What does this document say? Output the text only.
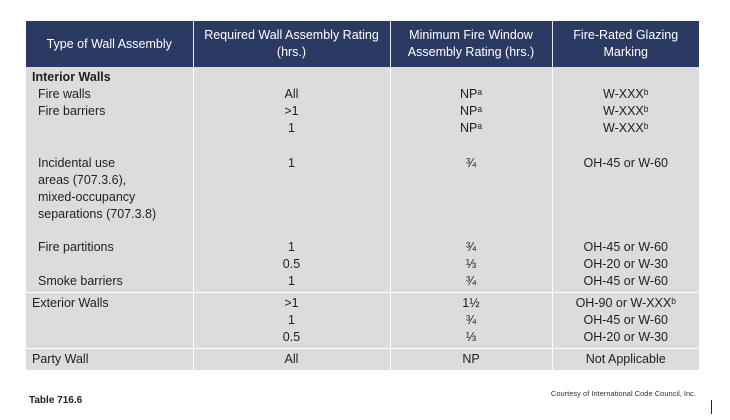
Type of Wall Assembly	Required Wall Assembly Rating (hrs.)	Minimum Fire Window Assembly Rating (hrs.)	Fire-Rated Glazing Marking

Interior Walls			

Fire walls	All	NPᵃ	W-XXXᵇ

Fire barriers	>1	NPᵃ	W-XXXᵇ
	1	NPᵃ	W-XXXᵇ

Incidental use
areas (707.3.6),
mixed-occupancy
separations (707.3.8)	1	¾	OH-45 or W-60

Fire partitions	1	¾	OH-45 or W-60
	0.5	⅓	OH-20 or W-30

Smoke barriers	1	¾	OH-45 or W-60
Exterior Walls	>1	1½	OH-90 or W-XXXᵇ
	1	¾	OH-45 or W-60
	0.5	⅓	OH-20 or W-30
Party Wall	All	NP	Not Applicable
Table 716.6
Courtesy of International Code Council, Inc.
